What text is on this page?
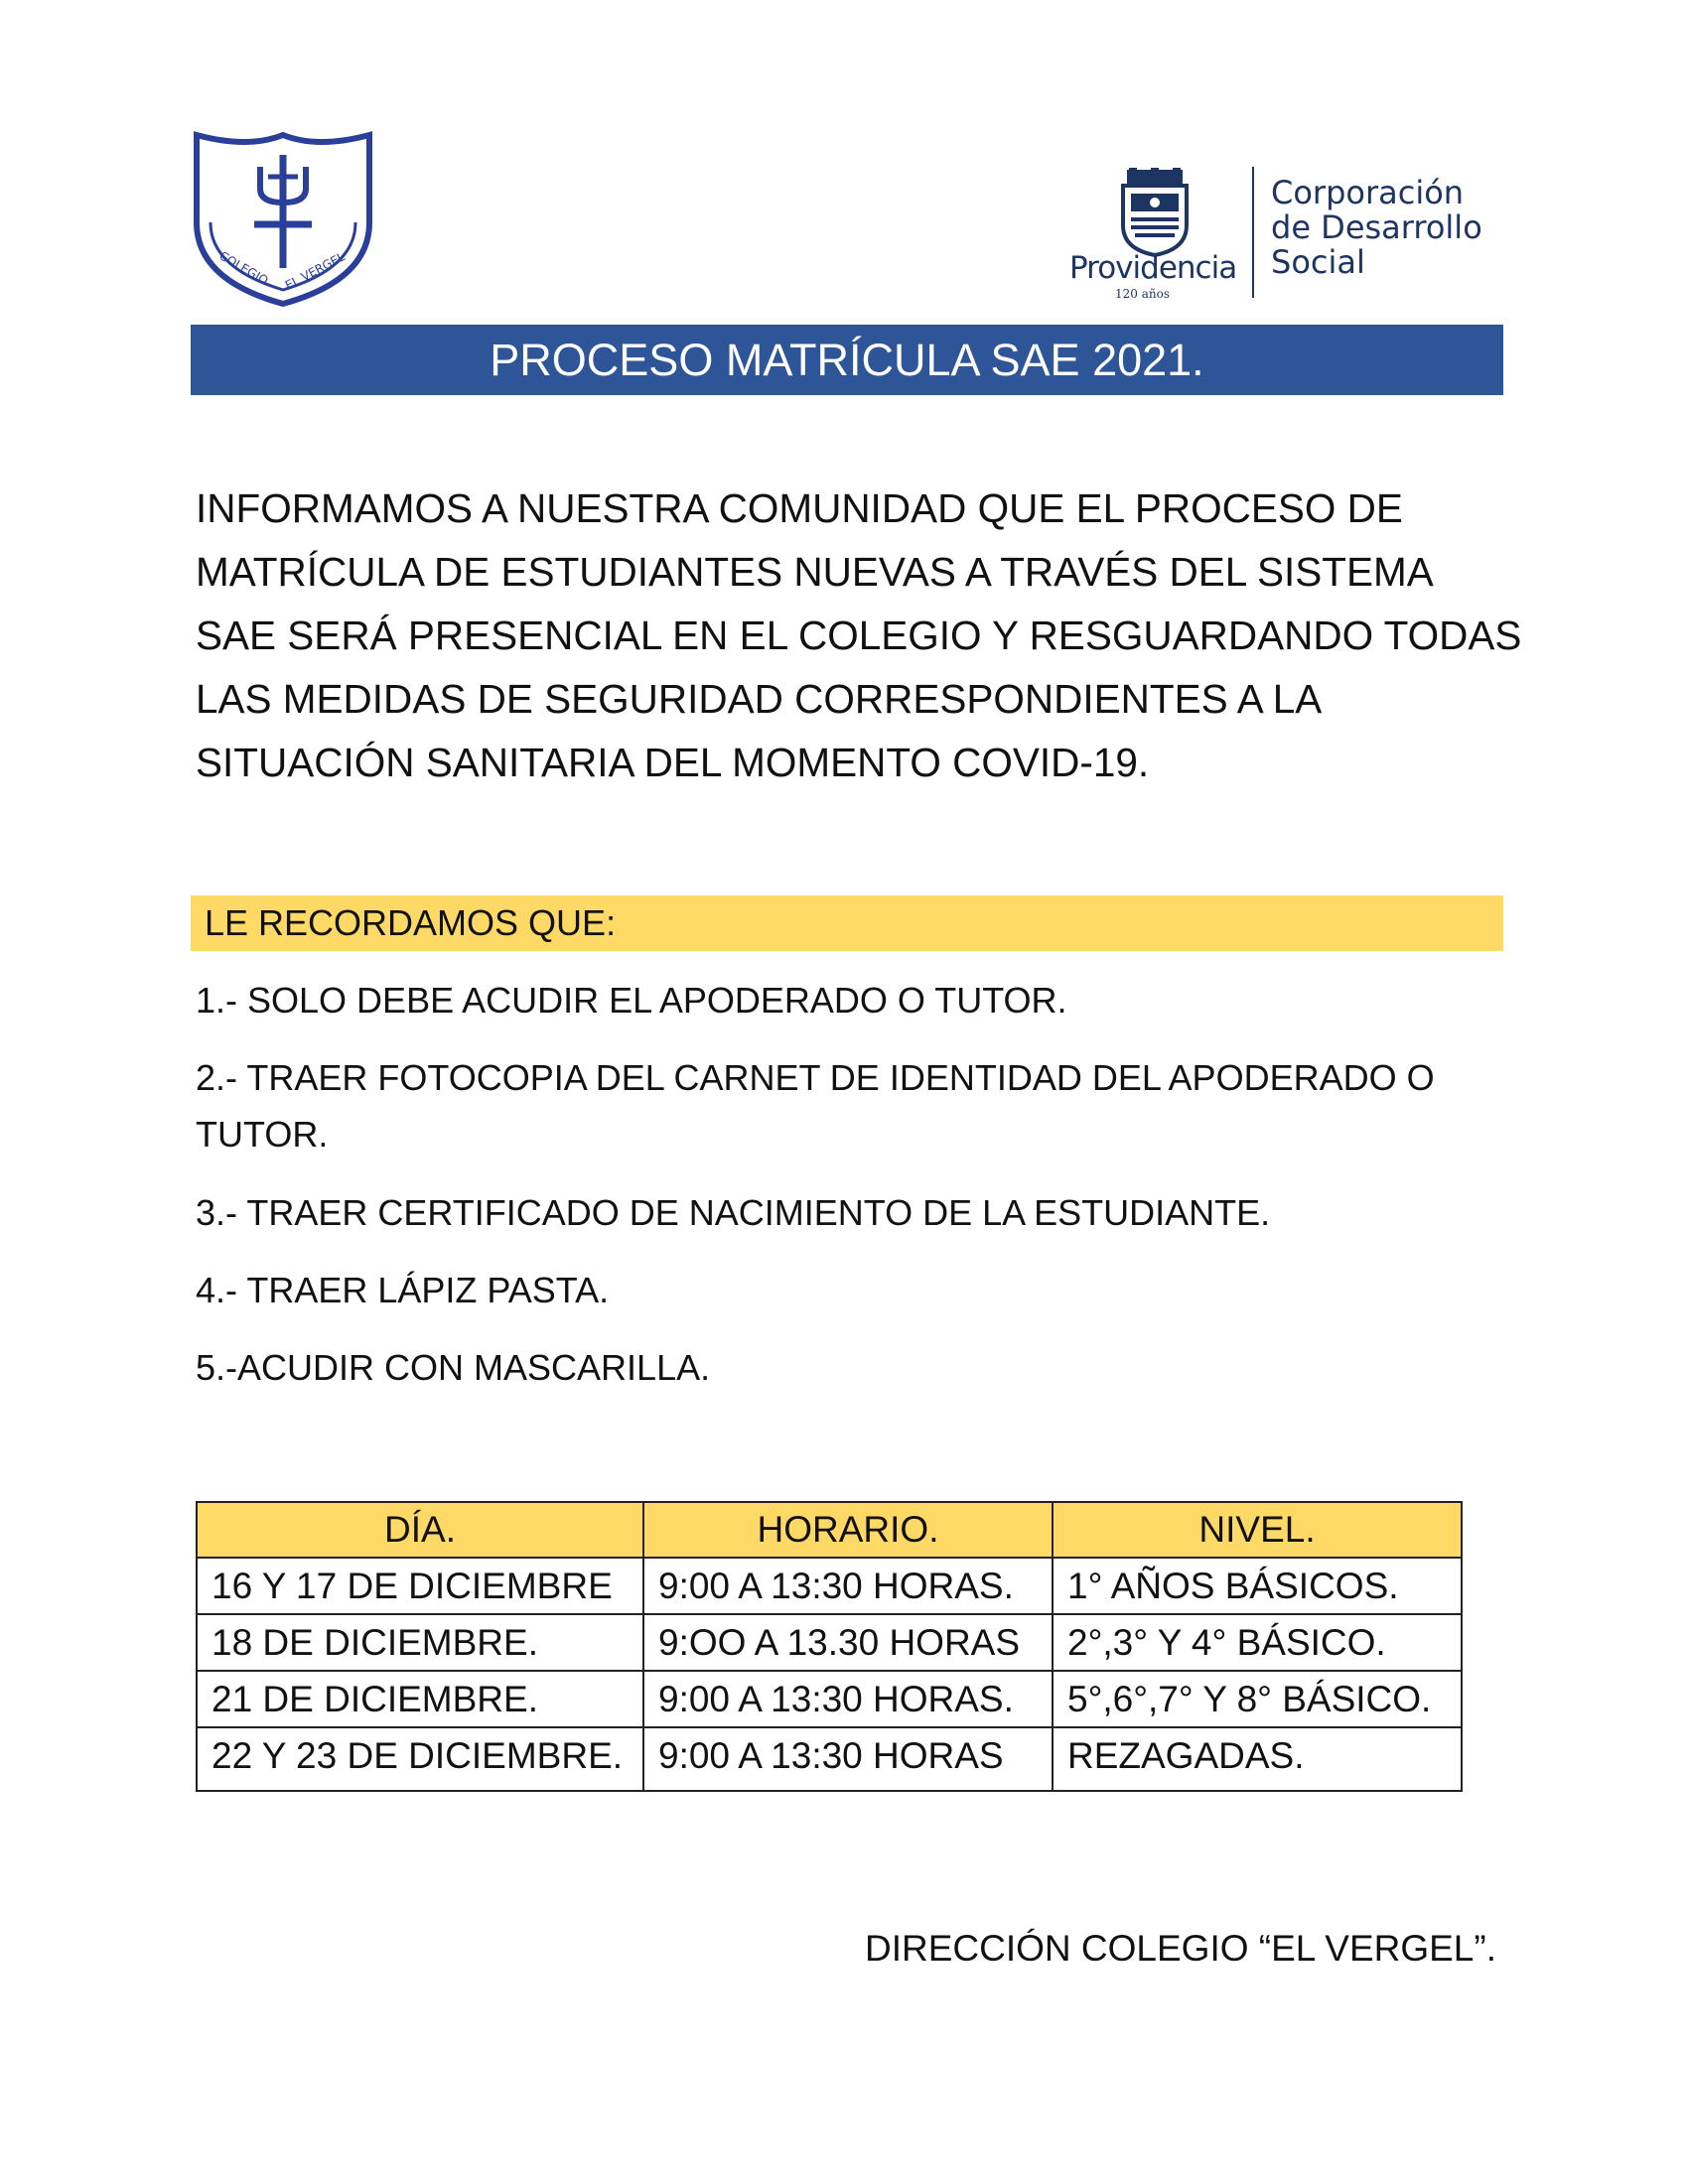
COLEGIO EL VERGEL	Providencia
120 años
Corporación
de Desarrollo
Social
PROCESO MATRÍCULA SAE 2021.
INFORMAMOS A NUESTRA COMUNIDAD QUE EL PROCESO DE
MATRÍCULA DE ESTUDIANTES NUEVAS A TRAVÉS DEL SISTEMA
SAE SERÁ PRESENCIAL EN EL COLEGIO Y RESGUARDANDO TODAS
LAS MEDIDAS DE SEGURIDAD CORRESPONDIENTES A LA
SITUACIÓN SANITARIA DEL MOMENTO COVID-19.
LE RECORDAMOS QUE:
1.- SOLO DEBE ACUDIR EL APODERADO O TUTOR.
2.- TRAER FOTOCOPIA DEL CARNET DE IDENTIDAD DEL APODERADO O
TUTOR.
3.- TRAER CERTIFICADO DE NACIMIENTO DE LA ESTUDIANTE.
4.- TRAER LÁPIZ PASTA.
5.-ACUDIR CON MASCARILLA.
DÍA.	HORARIO.	NIVEL.
16 Y 17 DE DICIEMBRE	9:00 A 13:30 HORAS.	1° AÑOS BÁSICOS.
18 DE DICIEMBRE.	9:OO A 13.30 HORAS	2°,3° Y 4° BÁSICO.
21 DE DICIEMBRE.	9:00 A 13:30 HORAS.	5°,6°,7° Y 8° BÁSICO.
22 Y 23 DE DICIEMBRE.	9:00 A 13:30 HORAS	REZAGADAS.
DIRECCIÓN COLEGIO “EL VERGEL”.
